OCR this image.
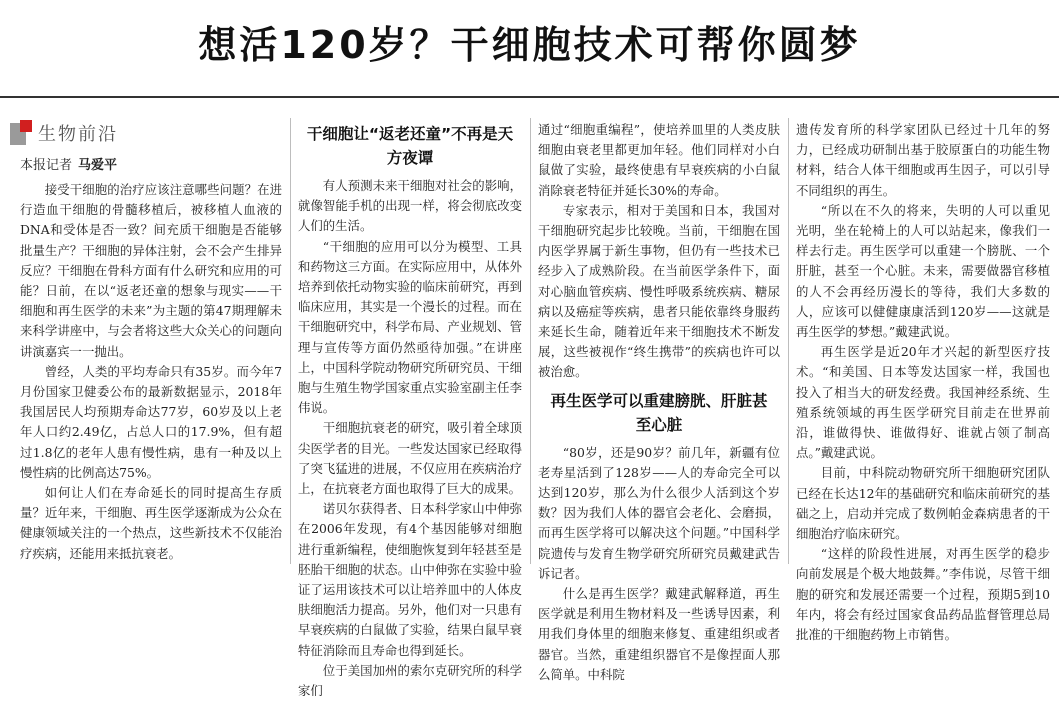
想活120岁？干细胞技术可帮你圆梦
生物前沿
本报记者 马爱平

接受干细胞的治疗应该注意哪些问题？在进行造血干细胞的骨髓移植后，被移植人血液的DNA和受体是否一致？间充质干细胞是否能够批量生产？干细胞的异体注射，会不会产生排异反应？干细胞在骨科方面有什么研究和应用的可能？日前，在以“返老还童的想象与现实——干细胞和再生医学的未来”为主题的第47期理解未来科学讲座中，与会者将这些大众关心的问题向讲演嘉宾一一抛出。

曾经，人类的平均寿命只有35岁。而今年7月份国家卫健委公布的最新数据显示，2018年我国居民人均预期寿命达77岁，60岁及以上老年人口约2.49亿，占总人口的17.9%，但有超过1.8亿的老年人患有慢性病，患有一种及以上慢性病的比例高达75%。

如何让人们在寿命延长的同时提高生存质量？近年来，干细胞、再生医学逐渐成为公众在健康领域关注的一个热点，这些新技术不仅能治疗疾病，还能用来抵抗衰老。

干细胞让“返老还童”不再是天方夜谭

有人预测未来干细胞对社会的影响，就像智能手机的出现一样，将会彻底改变人们的生活。

“干细胞的应用可以分为模型、工具和药物这三方面。在实际应用中，从体外培养到依托动物实验的临床前研究，再到临床应用，其实是一个漫长的过程。而在干细胞研究中，科学布局、产业规划、管理与宣传等方面仍然亟待加强。”在讲座上，中国科学院动物研究所研究员、干细胞与生殖生物学国家重点实验室副主任李伟说。

干细胞抗衰老的研究，吸引着全球顶尖医学者的目光。一些发达国家已经取得了突飞猛进的进展，不仅应用在疾病治疗上，在抗衰老方面也取得了巨大的成果。

诺贝尔获得者、日本科学家山中伸弥在2006年发现，有4个基因能够对细胞进行重新编程，使细胞恢复到年轻甚至是胚胎干细胞的状态。山中伸弥在实验中验证了运用该技术可以让培养皿中的人体皮肤细胞活力提高。另外，他们对一只患有早衰疾病的白鼠做了实验，结果白鼠早衰特征消除而且寿命也得到延长。

位于美国加州的索尔克研究所的科学家们

通过“细胞重编程”，使培养皿里的人类皮肤细胞由衰老里都更加年轻。他们同样对小白鼠做了实验，最终使患有早衰疾病的小白鼠消除衰老特征并延长30%的寿命。

专家表示，相对于美国和日本，我国对干细胞研究起步比较晚。当前，干细胞在国内医学界属于新生事物，但仍有一些技术已经步入了成熟阶段。在当前医学条件下，面对心脑血管疾病、慢性呼吸系统疾病、糖尿病以及癌症等疾病，患者只能依靠终身服药来延长生命，随着近年来干细胞技术不断发展，这些被视作“终生携带”的疾病也许可以被治愈。

再生医学可以重建膀胱、肝脏甚至心脏

“80岁，还是90岁？前几年，新疆有位老寿星活到了128岁——人的寿命完全可以达到120岁，那么为什么很少人活到这个岁数？因为我们人体的器官会老化、会磨损，而再生医学将可以解决这个问题。”中国科学院遗传与发育生物学研究所研究员戴建武告诉记者。

什么是再生医学？戴建武解释道，再生医学就是利用生物材料及一些诱导因素，利用我们身体里的细胞来修复、重建组织或者器官。当然，重建组织器官不是像捏面人那么简单。中科院

遗传发育所的科学家团队已经过十几年的努力，已经成功研制出基于胶原蛋白的功能生物材料，结合人体干细胞或再生因子，可以引导不同组织的再生。

“所以在不久的将来，失明的人可以重见光明，坐在轮椅上的人可以站起来，像我们一样去行走。再生医学可以重建一个膀胱、一个肝脏，甚至一个心脏。未来，需要做器官移植的人不会再经历漫长的等待，我们大多数的人，应该可以健健康康活到120岁——这就是再生医学的梦想。”戴建武说。

再生医学是近20年才兴起的新型医疗技术。“和美国、日本等发达国家一样，我国也投入了相当大的研发经费。我国神经系统、生殖系统领域的再生医学研究目前走在世界前沿，谁做得快、谁做得好、谁就占领了制高点。”戴建武说。

目前，中科院动物研究所干细胞研究团队已经在长达12年的基础研究和临床前研究的基础之上，启动并完成了数例帕金森病患者的干细胞治疗临床研究。

“这样的阶段性进展，对再生医学的稳步向前发展是个极大地鼓舞。”李伟说，尽管干细胞的研究和发展还需要一个过程，预期5到10年内，将会有经过国家食品药品监督管理总局批准的干细胞药物上市销售。
